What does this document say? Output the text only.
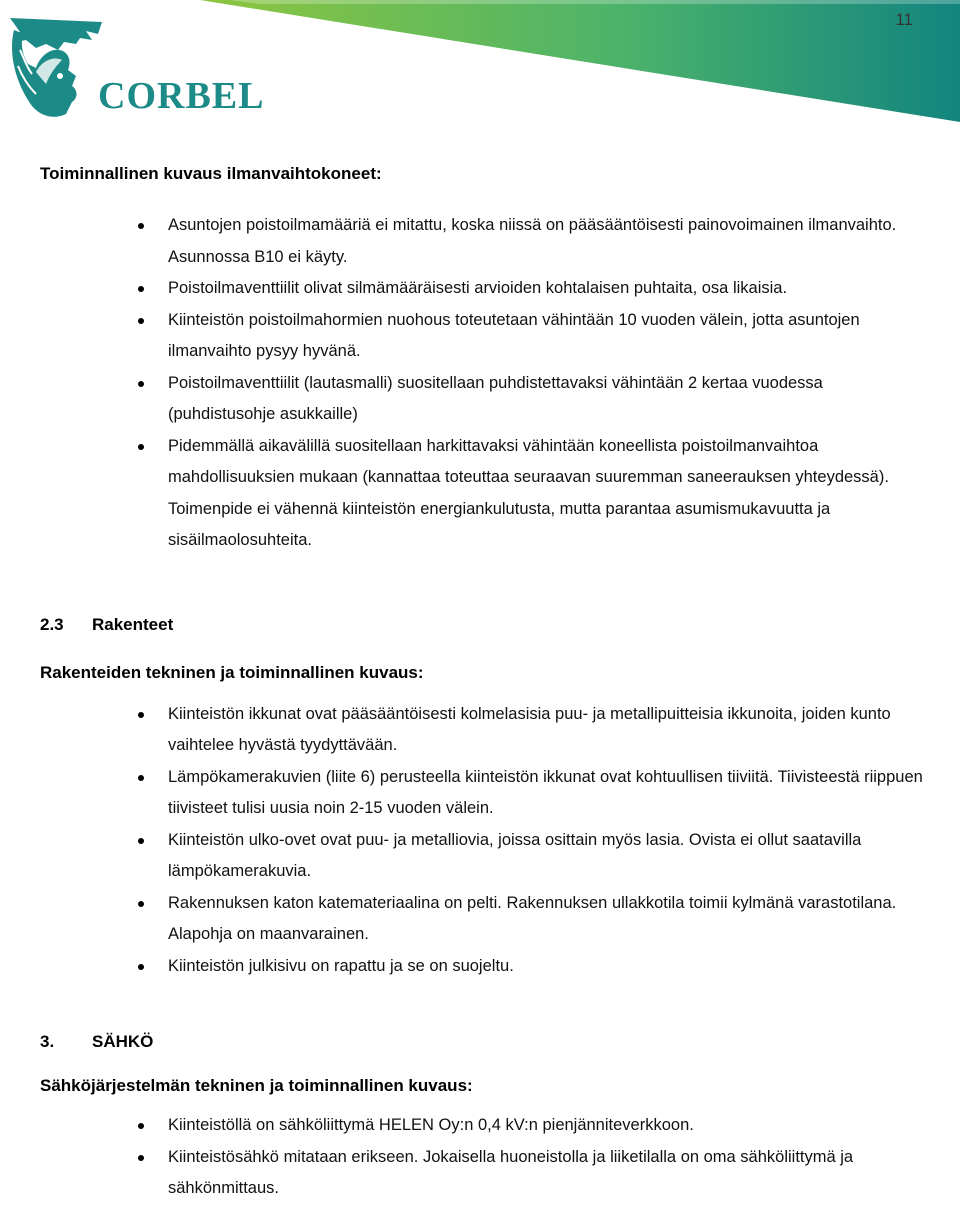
11
CORBEL
Toiminnallinen kuvaus ilmanvaihtokoneet:
Asuntojen poistoilmamääriä ei mitattu, koska niissä on pääsääntöisesti painovoimainen ilmanvaihto. Asunnossa B10 ei käyty.
Poistoilmaventtiilit olivat silmämääräisesti arvioiden kohtalaisen puhtaita, osa likaisia.
Kiinteistön poistoilmahormien nuohous toteutetaan vähintään 10 vuoden välein, jotta asuntojen ilmanvaihto pysyy hyvänä.
Poistoilmaventtiilit (lautasmalli) suositellaan puhdistettavaksi vähintään 2 kertaa vuodessa (puhdistusohje asukkaille)
Pidemmällä aikavälillä suositellaan harkittavaksi vähintään koneellista poistoilmanvaihtoa mahdollisuuksien mukaan (kannattaa toteuttaa seuraavan suuremman saneerauksen yhteydessä). Toimenpide ei vähennä kiinteistön energiankulutusta, mutta parantaa asumismukavuutta ja sisäilmaolosuhteita.
2.3 Rakenteet
Rakenteiden tekninen ja toiminnallinen kuvaus:
Kiinteistön ikkunat ovat pääsääntöisesti kolmelasisia puu- ja metallipuitteisia ikkunoita, joiden kunto vaihtelee hyvästä tyydyttävään.
Lämpökamerakuvien (liite 6) perusteella kiinteistön ikkunat ovat kohtuullisen tiiviitä. Tiivisteestä riippuen tiivisteet tulisi uusia noin 2-15 vuoden välein.
Kiinteistön ulko-ovet ovat puu- ja metalliovia, joissa osittain myös lasia. Ovista ei ollut saatavilla lämpökamerakuvia.
Rakennuksen katon katemateriaalina on pelti. Rakennuksen ullakkotila toimii kylmänä varastotilana. Alapohja on maanvarainen.
Kiinteistön julkisivu on rapattu ja se on suojeltu.
3. SÄHKÖ
Sähköjärjestelmän tekninen ja toiminnallinen kuvaus:
Kiinteistöllä on sähköliittymä HELEN Oy:n 0,4 kV:n pienjänniteverkkoon.
Kiinteistösähkö mitataan erikseen. Jokaisella huoneistolla ja liiketilalla on oma sähköliittymä ja sähkönmittaus.
